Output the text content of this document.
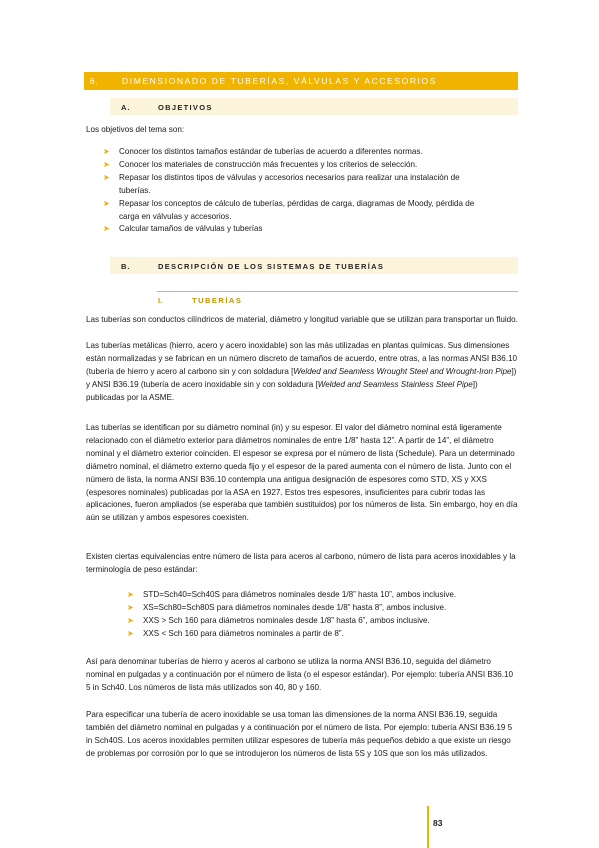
6.	DIMENSIONADO DE TUBERÍAS, VÁLVULAS Y ACCESORIOS
A.	OBJETIVOS

Los objetivos del tema son:

➤ Conocer los distintos tamaños estándar de tuberías de acuerdo a diferentes normas.
➤ Conocer los materiales de construcción más frecuentes y los criterios de selección.
➤ Repasar los distintos tipos de válvulas y accesorios necesarios para realizar una instalación de tuberías.
➤ Repasar los conceptos de cálculo de tuberías, pérdidas de carga, diagramas de Moody, pérdida de carga en válvulas y accesorios.
➤ Calcular tamaños de válvulas y tuberías
B.	DESCRIPCIÓN DE LOS SISTEMAS DE TUBERÍAS
I.	TUBERÍAS

Las tuberías son conductos cilíndricos de material, diámetro y longitud variable que se utilizan para transportar un fluido.

Las tuberías metálicas (hierro, acero y acero inoxidable) son las más utilizadas en plantas químicas. Sus dimensiones están normalizadas y se fabrican en un número discreto de tamaños de acuerdo, entre otras, a las normas ANSI B36.10 (tubería de hierro y acero al carbono sin y con soldadura [Welded and Seamless Wrought Steel and Wrought-Iron Pipe]) y ANSI B36.19 (tubería de acero inoxidable sin y con soldadura [Welded and Seamless Stainless Steel Pipe]) publicadas por la ASME.

Las tuberías se identifican por su diámetro nominal (in) y su espesor. El valor del diámetro nominal está ligeramente relacionado con el diámetro exterior para diámetros nominales de entre 1/8” hasta 12”. A partir de 14”, el diámetro nominal y el diámetro exterior coinciden. El espesor se expresa por el número de lista (Schedule). Para un determinado diámetro nominal, el diámetro externo queda fijo y el espesor de la pared aumenta con el número de lista. Junto con el número de lista, la norma ANSI B36.10 contempla una antigua designación de espesores como STD, XS y XXS (espesores nominales) publicadas por la ASA en 1927. Estos tres espesores, insuficientes para cubrir todas las aplicaciones, fueron ampliados (se esperaba que también sustituidos) por los números de lista. Sin embargo, hoy en día aún se utilizan y ambos espesores coexisten.

Existen ciertas equivalencias entre número de lista para aceros al carbono, número de lista para aceros inoxidables y la terminología de peso estándar:

➤ STD=Sch40=Sch40S para diámetros nominales desde 1/8” hasta 10”, ambos inclusive.
➤ XS=Sch80=Sch80S para diámetros nominales desde 1/8” hasta 8”, ambos inclusive.
➤ XXS > Sch 160 para diámetros nominales desde 1/8” hasta 6”, ambos inclusive.
➤ XXS < Sch 160 para diámetros nominales a partir de 8”.

Así para denominar tuberías de hierro y aceros al carbono se utiliza la norma ANSI B36.10, seguida del diámetro nominal en pulgadas y a continuación por el número de lista (o el espesor estándar). Por ejemplo: tubería ANSI B36.10 5 in Sch40. Los números de lista más utilizados son 40, 80 y 160.

Para especificar una tubería de acero inoxidable se usa toman las dimensiones de la norma ANSI B36.19, seguida también del diámetro nominal en pulgadas y a continuación por el número de lista. Por ejemplo: tubería ANSI B36.19 5 in Sch40S. Los aceros inoxidables permiten utilizar espesores de tubería más pequeños debido a que existe un riesgo de problemas por corrosión por lo que se introdujeron los números de lista 5S y 10S que son los más utilizados.

83
